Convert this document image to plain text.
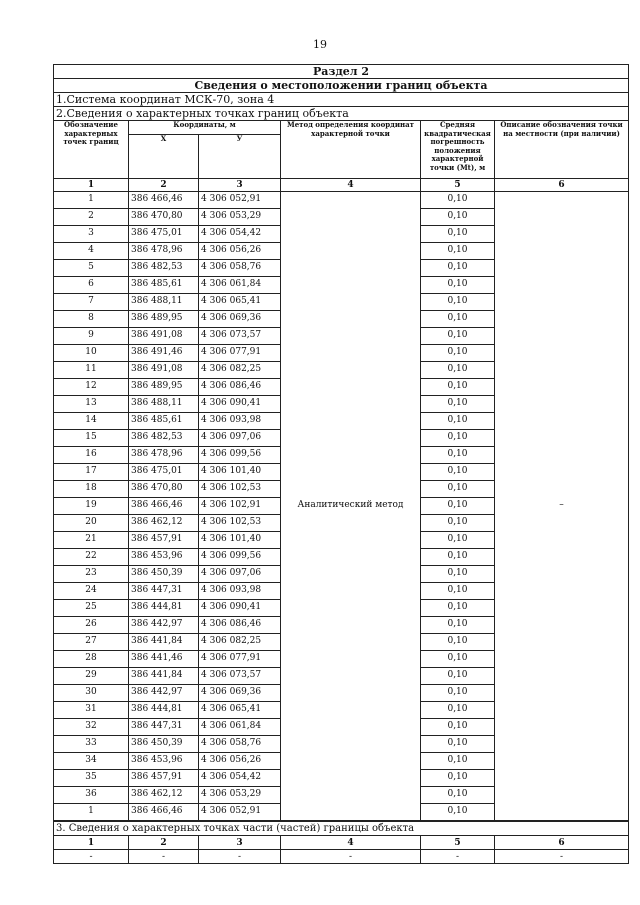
19
Раздел 2					
Сведения о местоположении границ объекта					
1.Система координат МСК-70, зона 4					
2.Сведения о характерных точках границ объекта					
Обозначение характерных точек границ	Координаты, м		Метод определения координат характерной точки	Средняя квадратическая погрешность положения характерной точки (Мt), м	Описание обозначения точки на местности (при наличии)
	X	У			
1	2	3	4	5	6
1	386 466,46	4 306 052,91	Аналитический метод	0,10	–
2	386 470,80	4 306 053,29		0,10	
3	386 475,01	4 306 054,42		0,10	
4	386 478,96	4 306 056,26		0,10	
5	386 482,53	4 306 058,76		0,10	
6	386 485,61	4 306 061,84		0,10	
7	386 488,11	4 306 065,41		0,10	
8	386 489,95	4 306 069,36		0,10	
9	386 491,08	4 306 073,57		0,10	
10	386 491,46	4 306 077,91		0,10	
11	386 491,08	4 306 082,25		0,10	
12	386 489,95	4 306 086,46		0,10	
13	386 488,11	4 306 090,41		0,10	
14	386 485,61	4 306 093,98		0,10	
15	386 482,53	4 306 097,06		0,10	
16	386 478,96	4 306 099,56		0,10	
17	386 475,01	4 306 101,40		0,10	
18	386 470,80	4 306 102,53		0,10	
19	386 466,46	4 306 102,91		0,10	
20	386 462,12	4 306 102,53		0,10	
21	386 457,91	4 306 101,40		0,10	
22	386 453,96	4 306 099,56		0,10	
23	386 450,39	4 306 097,06		0,10	
24	386 447,31	4 306 093,98		0,10	
25	386 444,81	4 306 090,41		0,10	
26	386 442,97	4 306 086,46		0,10	
27	386 441,84	4 306 082,25		0,10	
28	386 441,46	4 306 077,91		0,10	
29	386 441,84	4 306 073,57		0,10	
30	386 442,97	4 306 069,36		0,10	
31	386 444,81	4 306 065,41		0,10	
32	386 447,31	4 306 061,84		0,10	
33	386 450,39	4 306 058,76		0,10	
34	386 453,96	4 306 056,26		0,10	
35	386 457,91	4 306 054,42		0,10	
36	386 462,12	4 306 053,29		0,10	
1	386 466,46	4 306 052,91		0,10	
3. Сведения о характерных точках части (частей) границы объекта					
1	2	3	4	5	6
-	-	-	-	-	-
